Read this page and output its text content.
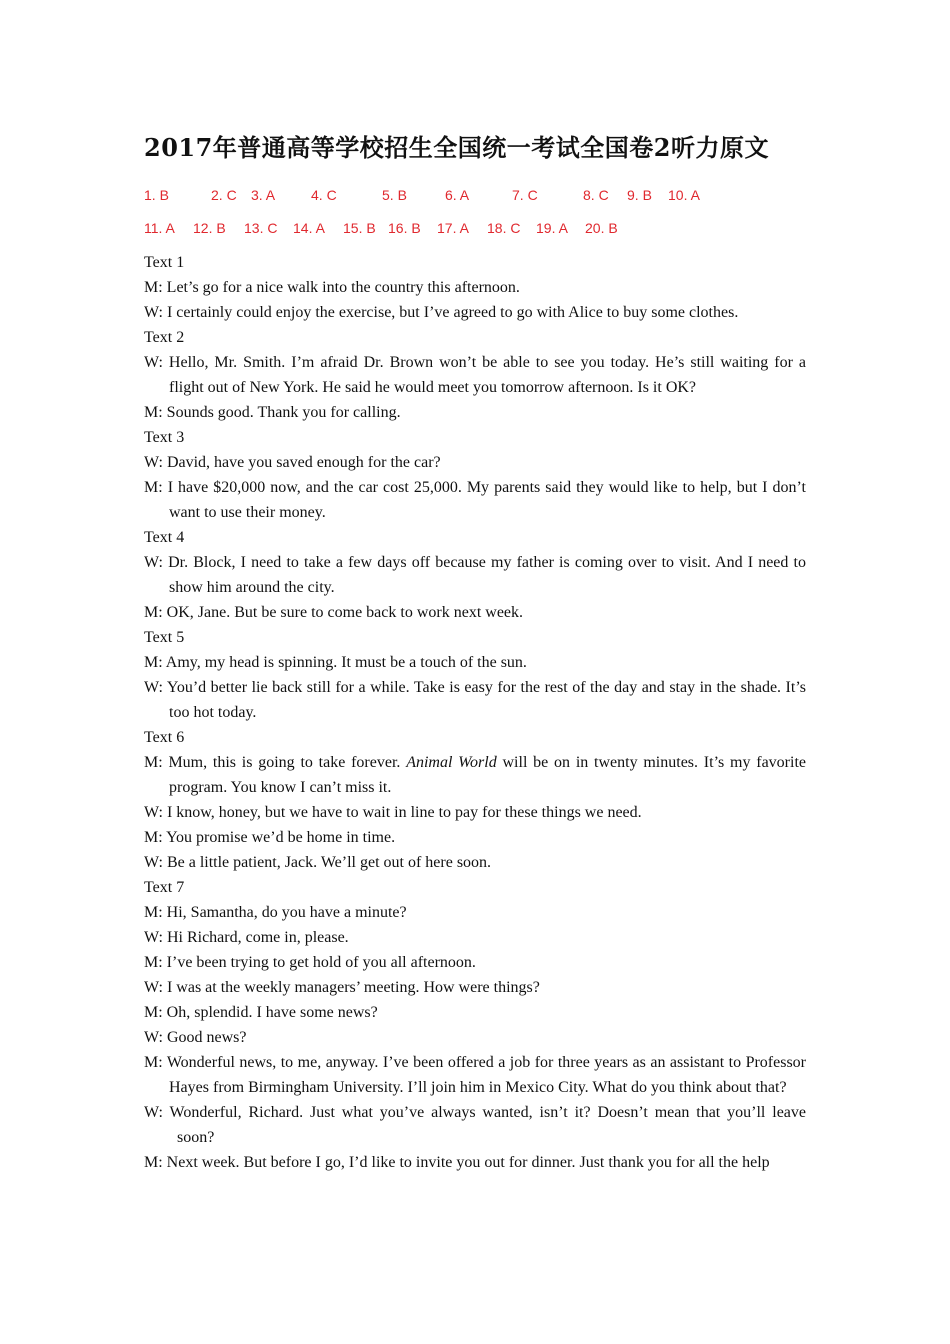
2017年普通高等学校招生全国统一考试全国卷2听力原文
1. B	2. C 3. A	4. C	5. B	6. A	7. C	8. C 9. B 10. A
11. A 12. B 13. C 14. A 15. B 16. B 17. A 18. C 19. A 20. B
Text 1
M: Let’s go for a nice walk into the country this afternoon.
W: I certainly could enjoy the exercise, but I’ve agreed to go with Alice to buy some clothes.
Text 2
W: Hello, Mr. Smith. I’m afraid Dr. Brown won’t be able to see you today. He’s still waiting for a flight out of New York. He said he would meet you tomorrow afternoon. Is it OK?
M: Sounds good. Thank you for calling.
Text 3
W: David, have you saved enough for the car?
M: I have $20,000 now, and the car cost 25,000. My parents said they would like to help, but I don’t want to use their money.
Text 4
W: Dr. Block, I need to take a few days off because my father is coming over to visit. And I need to show him around the city.
M: OK, Jane. But be sure to come back to work next week.
Text 5
M: Amy, my head is spinning. It must be a touch of the sun.
W: You’d better lie back still for a while. Take is easy for the rest of the day and stay in the shade. It’s too hot today.
Text 6
M: Mum, this is going to take forever. Animal World will be on in twenty minutes. It’s my favorite program. You know I can’t miss it.
W: I know, honey, but we have to wait in line to pay for these things we need.
M: You promise we’d be home in time.
W: Be a little patient, Jack. We’ll get out of here soon.
Text 7
M: Hi, Samantha, do you have a minute?
W: Hi Richard, come in, please.
M: I’ve been trying to get hold of you all afternoon.
W: I was at the weekly managers’ meeting. How were things?
M: Oh, splendid. I have some news?
W: Good news?
M: Wonderful news, to me, anyway. I’ve been offered a job for three years as an assistant to Professor Hayes from Birmingham University. I’ll join him in Mexico City. What do you think about that?
W: Wonderful, Richard. Just what you’ve always wanted, isn’t it? Doesn’t mean that you’ll leave soon?
M: Next week. But before I go, I’d like to invite you out for dinner. Just thank you for all the help
